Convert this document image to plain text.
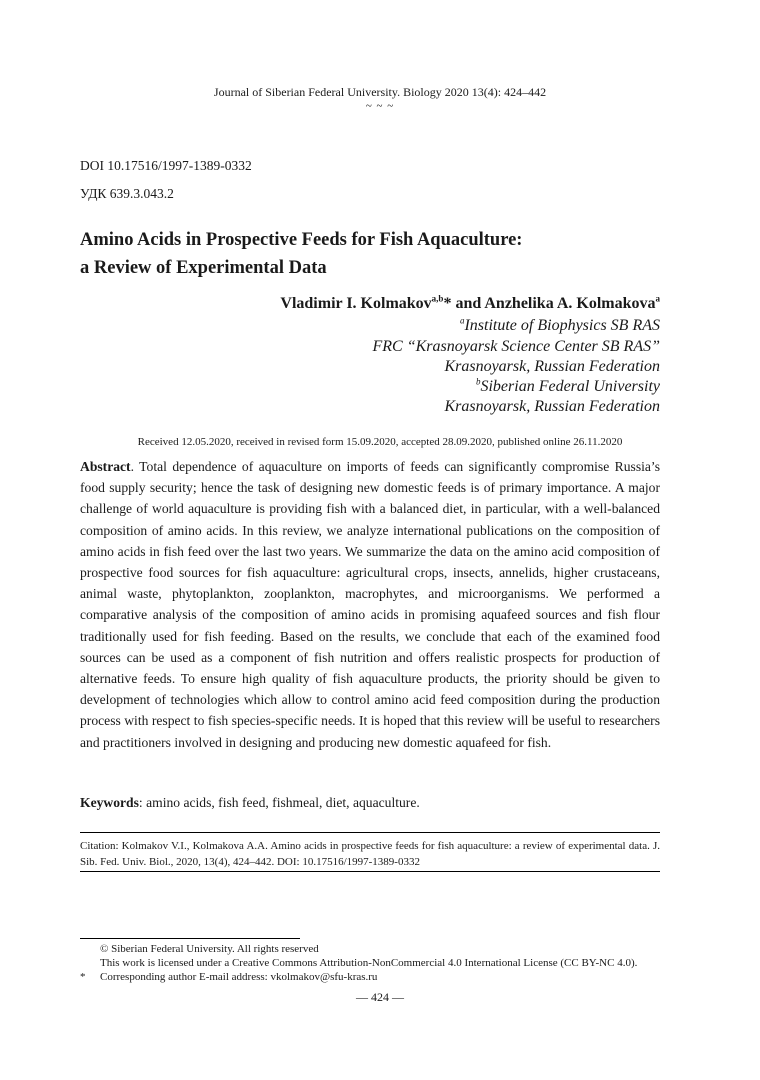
Journal of Siberian Federal University. Biology 2020 13(4): 424–442
~ ~ ~
DOI 10.17516/1997-1389-0332
УДК 639.3.043.2
Amino Acids in Prospective Feeds for Fish Aquaculture:
a Review of Experimental Data
Vladimir I. Kolmakov$^{a,b}$* and Anzhelika A. Kolmakova$^a$
$^a$Institute of Biophysics SB RAS
FRC “Krasnoyarsk Science Center SB RAS”
Krasnoyarsk, Russian Federation
$^b$Siberian Federal University
Krasnoyarsk, Russian Federation
Received 12.05.2020, received in revised form 15.09.2020, accepted 28.09.2020, published online 26.11.2020
Abstract. Total dependence of aquaculture on imports of feeds can significantly compromise Russia’s food supply security; hence the task of designing new domestic feeds is of primary importance. A major challenge of world aquaculture is providing fish with a balanced diet, in particular, with a well-balanced composition of amino acids. In this review, we analyze international publications on the composition of amino acids in fish feed over the last two years. We summarize the data on the amino acid composition of prospective food sources for fish aquaculture: agricultural crops, insects, annelids, higher crustaceans, animal waste, phytoplankton, zooplankton, macrophytes, and microorganisms. We performed a comparative analysis of the composition of amino acids in promising aquafeed sources and fish flour traditionally used for fish feeding. Based on the results, we conclude that each of the examined food sources can be used as a component of fish nutrition and offers realistic prospects for production of alternative feeds. To ensure high quality of fish aquaculture products, the priority should be given to development of technologies which allow to control amino acid feed composition during the production process with respect to fish species-specific needs. It is hoped that this review will be useful to researchers and practitioners involved in designing and producing new domestic aquafeed for fish.
Keywords: amino acids, fish feed, fishmeal, diet, aquaculture.
Citation: Kolmakov V.I., Kolmakova A.A. Amino acids in prospective feeds for fish aquaculture: a review of experimental data. J. Sib. Fed. Univ. Biol., 2020, 13(4), 424–442. DOI: 10.17516/1997-1389-0332
© Siberian Federal University. All rights reserved
This work is licensed under a Creative Commons Attribution-NonCommercial 4.0 International License (CC BY-NC 4.0).
* Corresponding author E-mail address: vkolmakov@sfu-kras.ru
— 424 —
